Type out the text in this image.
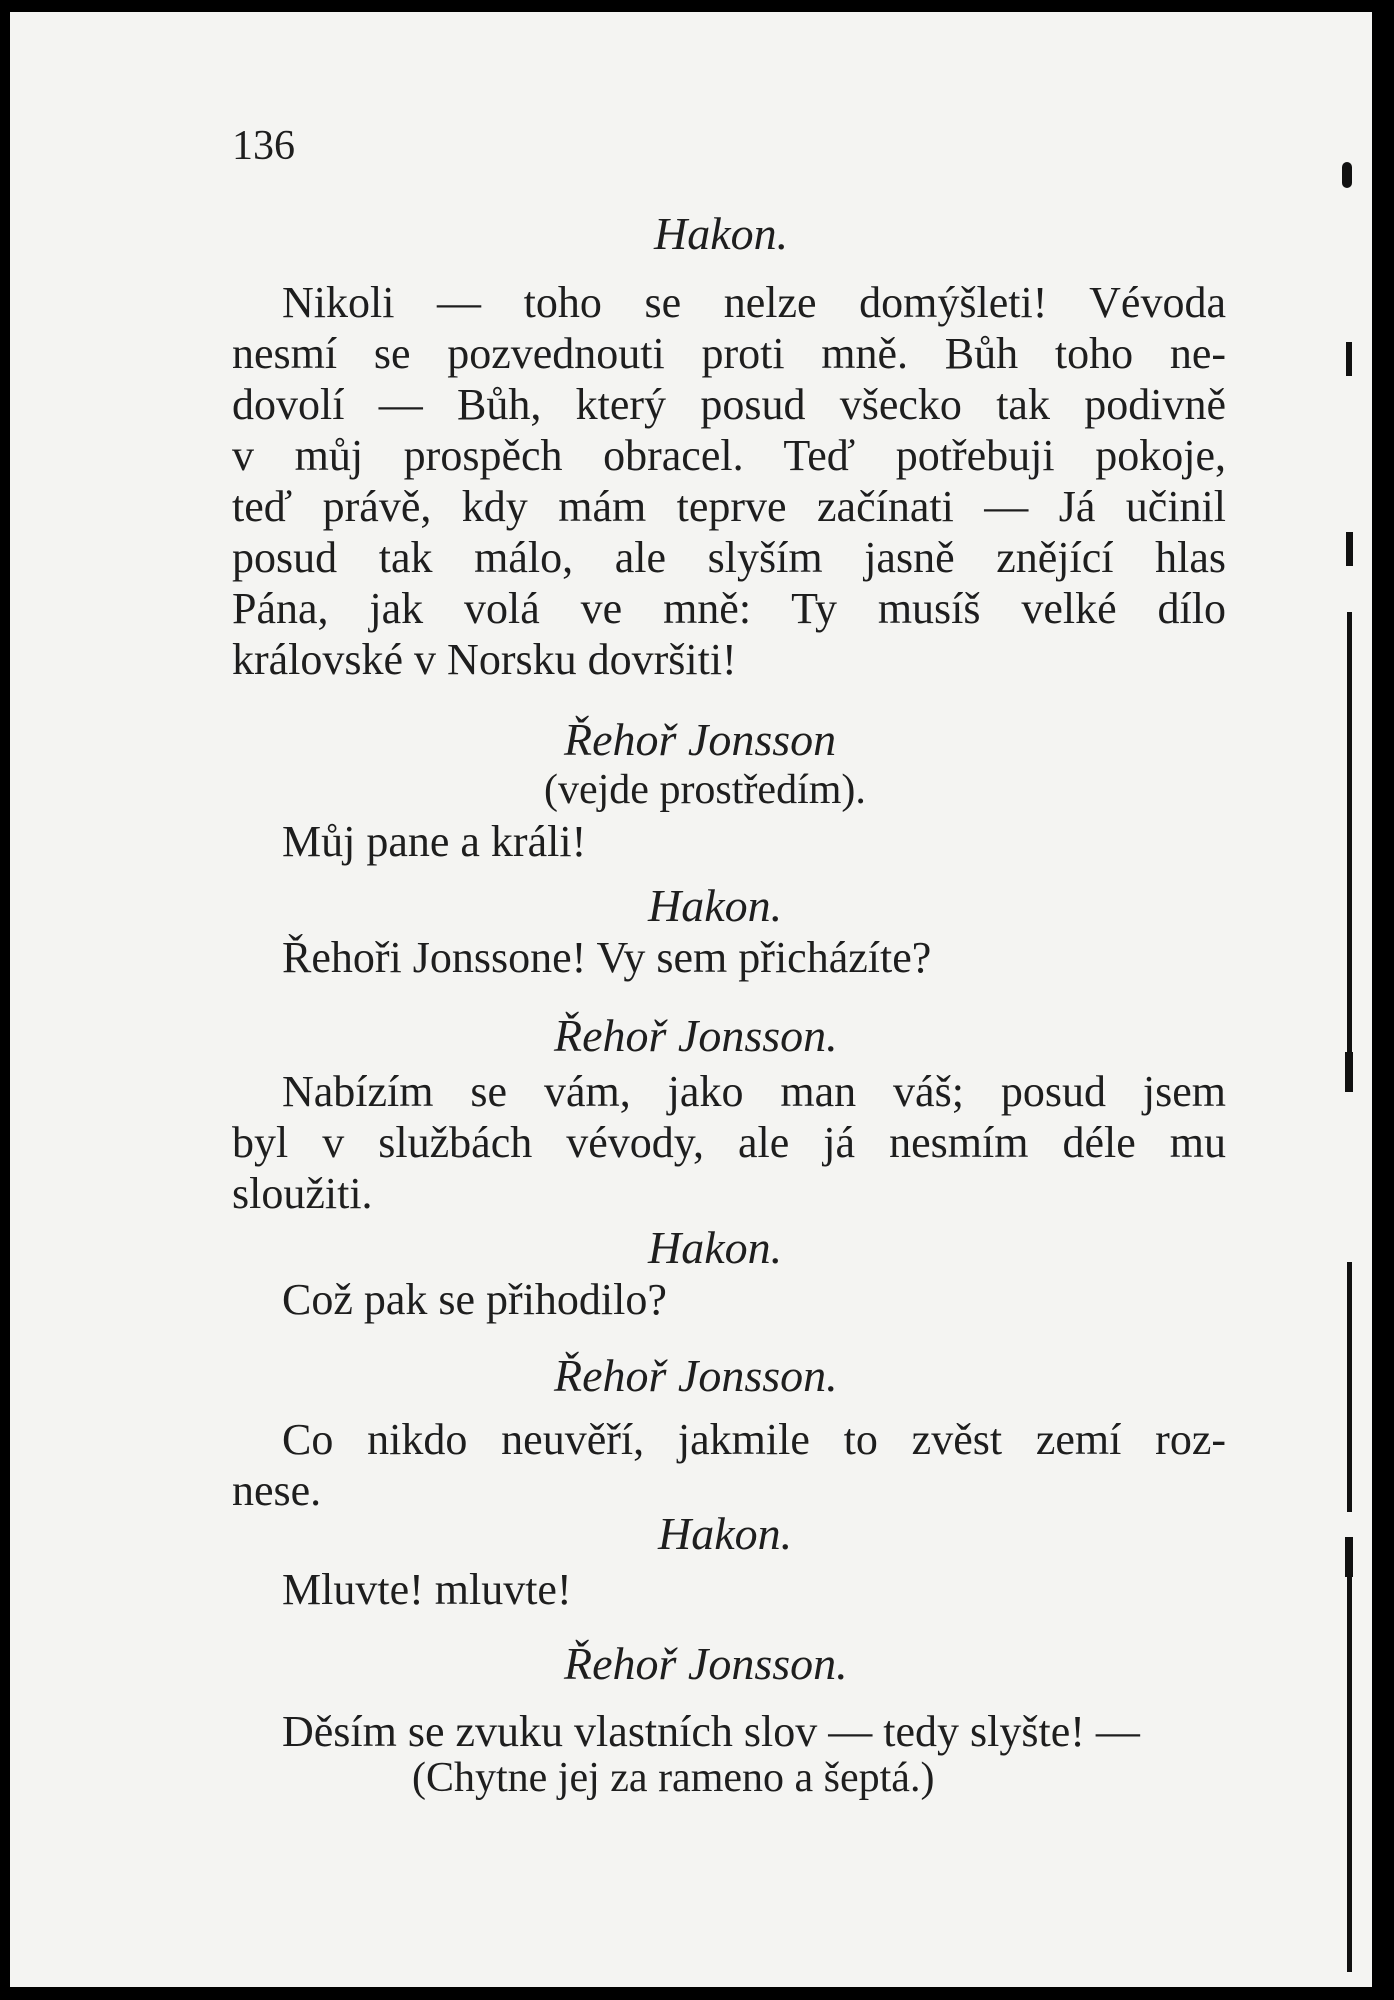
136
Hakon.
Nikoli — toho se nelze domýšleti! Vévoda
nesmí se pozvednouti proti mně. Bůh toho ne-
dovolí — Bůh, který posud všecko tak podivně
v můj prospěch obracel. Teď potřebuji pokoje,
teď právě, kdy mám teprve začínati — Já učinil
posud tak málo, ale slyším jasně znějící hlas
Pána, jak volá ve mně: Ty musíš velké dílo
královské v Norsku dovršiti!
Řehoř Jonsson
(vejde prostředím).
Můj pane a králi!
Hakon.
Řehoři Jonssone! Vy sem přicházíte?
Řehoř Jonsson.
Nabízím se vám, jako man váš; posud jsem
byl v službách vévody, ale já nesmím déle mu
sloužiti.
Hakon.
Což pak se přihodilo?
Řehoř Jonsson.
Co nikdo neuvěří, jakmile to zvěst zemí roz-
nese.
Hakon.
Mluvte! mluvte!
Řehoř Jonsson.
Děsím se zvuku vlastních slov — tedy slyšte! —
(Chytne jej za rameno a šeptá.)
